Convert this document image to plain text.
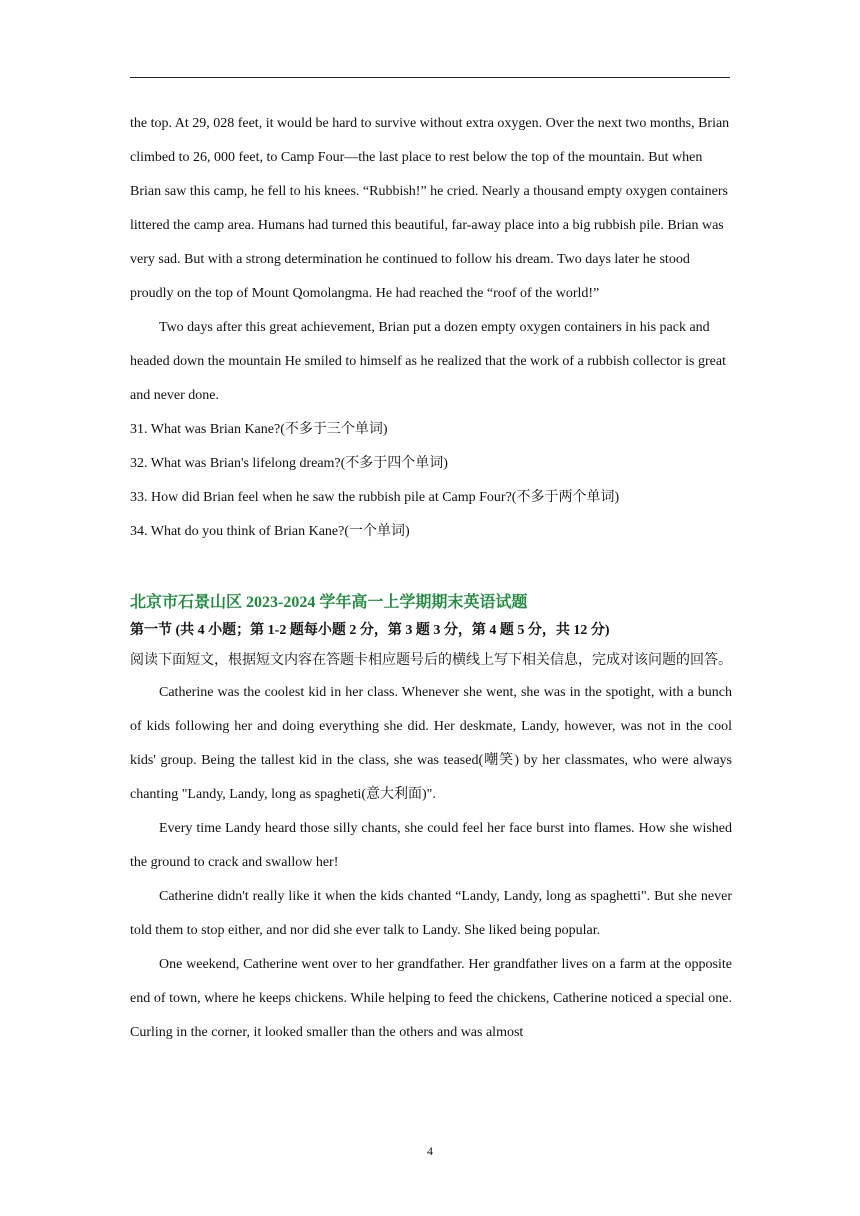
the top. At 29, 028 feet, it would be hard to survive without extra oxygen. Over the next two months, Brian climbed to 26, 000 feet, to Camp Four—the last place to rest below the top of the mountain. But when Brian saw this camp, he fell to his knees. “Rubbish!” he cried. Nearly a thousand empty oxygen containers littered the camp area. Humans had turned this beautiful, far-away place into a big rubbish pile. Brian was very sad. But with a strong determination he continued to follow his dream. Two days later he stood proudly on the top of Mount Qomolangma. He had reached the “roof of the world!”

Two days after this great achievement, Brian put a dozen empty oxygen containers in his pack and headed down the mountain He smiled to himself as he realized that the work of a rubbish collector is great and never done.

31. What was Brian Kane?(不多于三个单词)

32. What was Brian's lifelong dream?(不多于四个单词)

33. How did Brian feel when he saw the rubbish pile at Camp Four?(不多于两个单词)

34. What do you think of Brian Kane?(一个单词)

北京市石景山区 2023-2024 学年高一上学期期末英语试题

第一节 (共 4 小题；第 1-2 题每小题 2 分，第 3 题 3 分，第 4 题 5 分，共 12 分)

阅读下面短文，根据短文内容在答题卡相应题号后的横线上写下相关信息，完成对该问题的回答。

Catherine was the coolest kid in her class. Whenever she went, she was in the spotight, with a bunch of kids following her and doing everything she did. Her deskmate, Landy, however, was not in the cool kids' group. Being the tallest kid in the class, she was teased(嘲笑) by her classmates, who were always chanting "Landy, Landy, long as spagheti(意大利面)".

Every time Landy heard those silly chants, she could feel her face burst into flames. How she wished the ground to crack and swallow her!

Catherine didn't really like it when the kids chanted “Landy, Landy, long as spaghetti". But she never told them to stop either, and nor did she ever talk to Landy. She liked being popular.

One weekend, Catherine went over to her grandfather. Her grandfather lives on a farm at the opposite end of town, where he keeps chickens. While helping to feed the chickens, Catherine noticed a special one. Curling in the corner, it looked smaller than the others and was almost

4
